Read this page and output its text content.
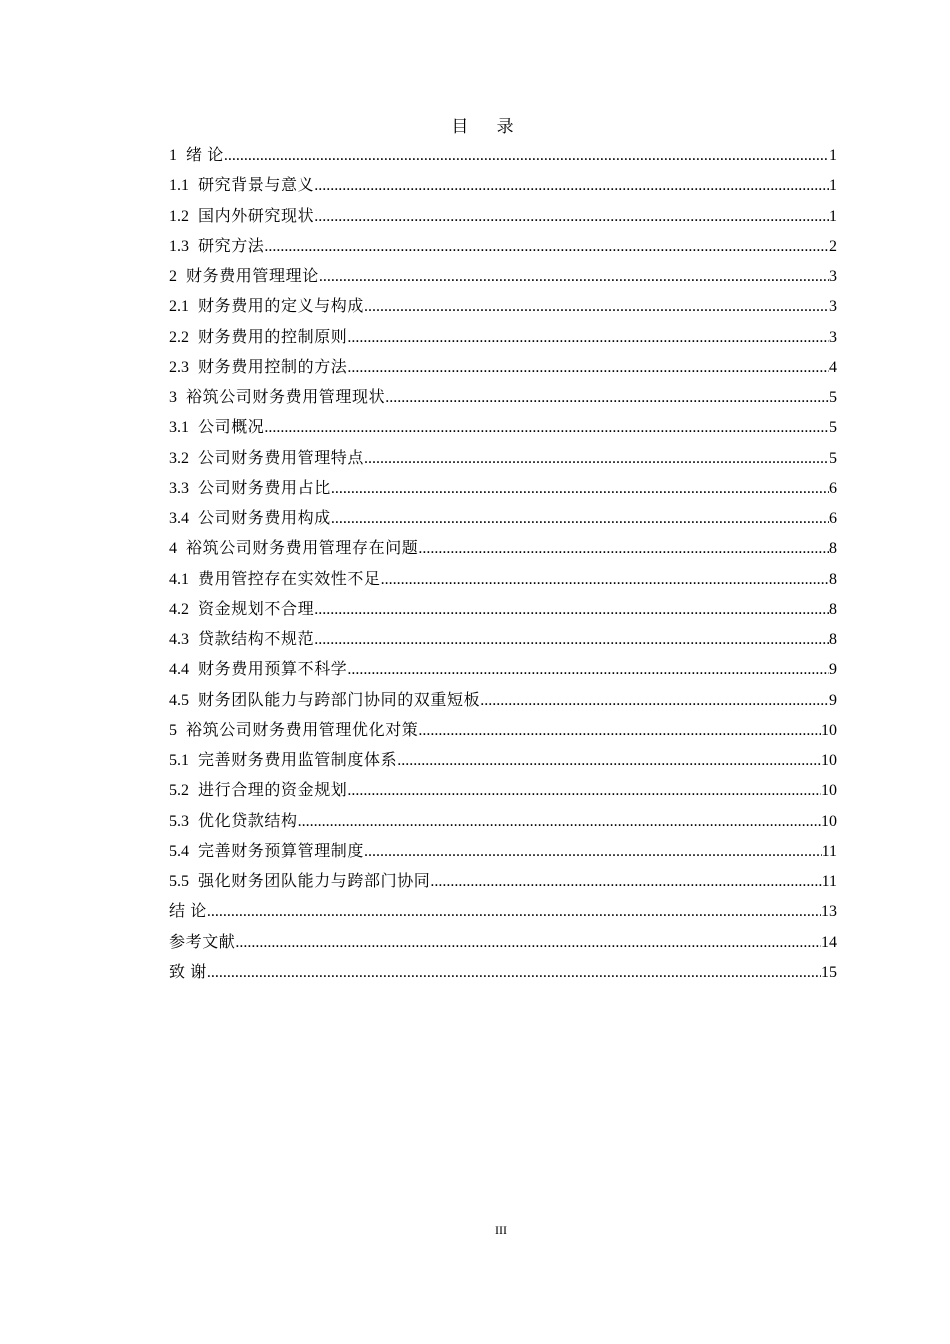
目 录
1 绪 论 .....	1
1.1 研究背景与意义 .....	1
1.2 国内外研究现状 .....	1
1.3 研究方法 .....	2
2 财务费用管理理论 .....	3
2.1 财务费用的定义与构成 .....	3
2.2 财务费用的控制原则 .....	3
2.3 财务费用控制的方法 .....	4
3 裕筑公司财务费用管理现状 .....	5
3.1 公司概况 .....	5
3.2 公司财务费用管理特点 .....	5
3.3 公司财务费用占比 .....	6
3.4 公司财务费用构成 .....	6
4 裕筑公司财务费用管理存在问题 .....	8
4.1 费用管控存在实效性不足 .....	8
4.2 资金规划不合理 .....	8
4.3 贷款结构不规范 .....	8
4.4 财务费用预算不科学 .....	9
4.5 财务团队能力与跨部门协同的双重短板 .....	9
5 裕筑公司财务费用管理优化对策 .....	10
5.1 完善财务费用监管制度体系 .....	10
5.2 进行合理的资金规划 .....	10
5.3 优化贷款结构 .....	10
5.4 完善财务预算管理制度 .....	11
5.5 强化财务团队能力与跨部门协同 .....	11
结 论 .....	13
参考文献 .....	14
致 谢 .....	15
III
